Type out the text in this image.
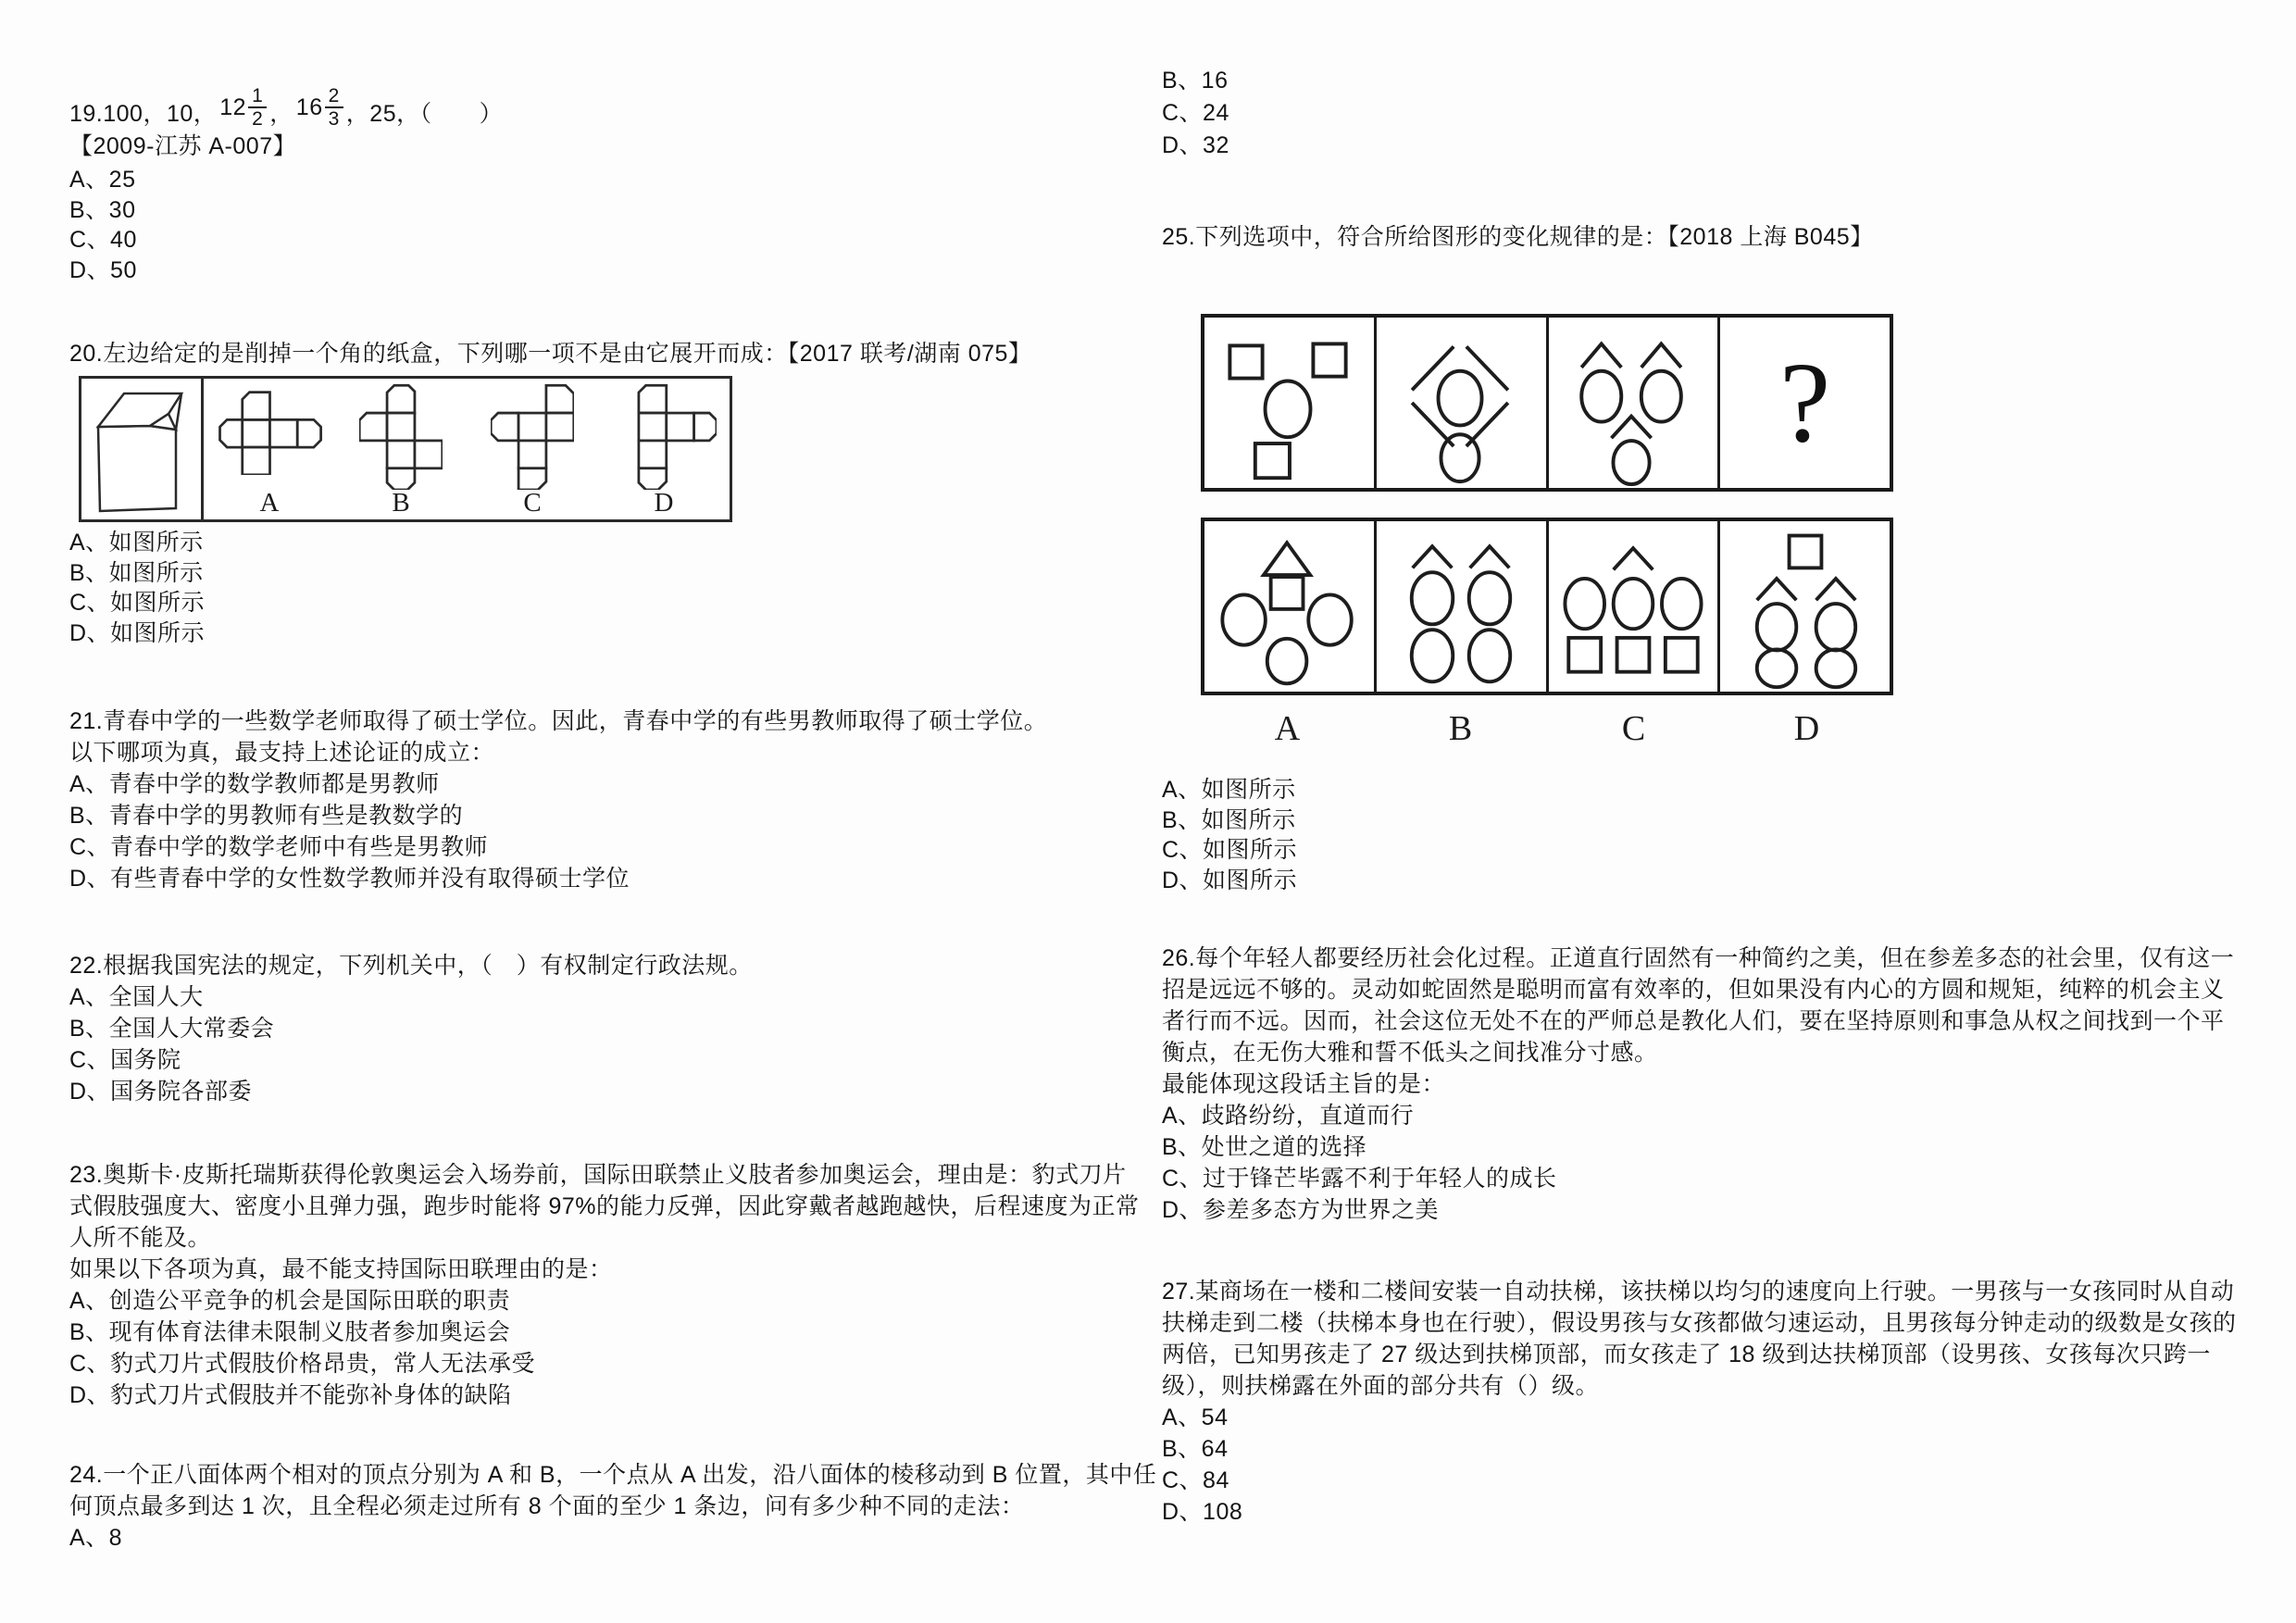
19.100，10， $12 \frac{1}{2}$ ， $16 \frac{2}{3}$ ，25，（　　）
【2009-江苏 A-007】
A、25
B、30
C、40
D、50
20.左边给定的是削掉一个角的纸盒，下列哪一项不是由它展开而成：【2017 联考/湖南 075】
A	B	C	D
A、如图所示
B、如图所示
C、如图所示
D、如图所示
21.青春中学的一些数学老师取得了硕士学位。因此，青春中学的有些男教师取得了硕士学位。
以下哪项为真，最支持上述论证的成立：
A、青春中学的数学教师都是男教师
B、青春中学的男教师有些是教数学的
C、青春中学的数学老师中有些是男教师
D、有些青春中学的女性数学教师并没有取得硕士学位
22.根据我国宪法的规定，下列机关中，（　）有权制定行政法规。
A、全国人大
B、全国人大常委会
C、国务院
D、国务院各部委
23.奥斯卡·皮斯托瑞斯获得伦敦奥运会入场券前，国际田联禁止义肢者参加奥运会，理由是：豹式刀片
式假肢强度大、密度小且弹力强，跑步时能将 97%的能力反弹，因此穿戴者越跑越快，后程速度为正常
人所不能及。
如果以下各项为真，最不能支持国际田联理由的是：
A、创造公平竞争的机会是国际田联的职责
B、现有体育法律未限制义肢者参加奥运会
C、豹式刀片式假肢价格昂贵，常人无法承受
D、豹式刀片式假肢并不能弥补身体的缺陷
24.一个正八面体两个相对的顶点分别为 A 和 B，一个点从 A 出发，沿八面体的棱移动到 B 位置，其中任
何顶点最多到达 1 次，且全程必须走过所有 8 个面的至少 1 条边，问有多少种不同的走法：
A、8
B、16
C、24
D、32
25.下列选项中，符合所给图形的变化规律的是：【2018 上海 B045】
?
A	B	C	D
A、如图所示
B、如图所示
C、如图所示
D、如图所示
26.每个年轻人都要经历社会化过程。正道直行固然有一种简约之美，但在参差多态的社会里，仅有这一
招是远远不够的。灵动如蛇固然是聪明而富有效率的，但如果没有内心的方圆和规矩，纯粹的机会主义
者行而不远。因而，社会这位无处不在的严师总是教化人们，要在坚持原则和事急从权之间找到一个平
衡点，在无伤大雅和誓不低头之间找准分寸感。
最能体现这段话主旨的是：
A、歧路纷纷，直道而行
B、处世之道的选择
C、过于锋芒毕露不利于年轻人的成长
D、参差多态方为世界之美
27.某商场在一楼和二楼间安装一自动扶梯，该扶梯以均匀的速度向上行驶。一男孩与一女孩同时从自动
扶梯走到二楼（扶梯本身也在行驶），假设男孩与女孩都做匀速运动，且男孩每分钟走动的级数是女孩的
两倍，已知男孩走了 27 级达到扶梯顶部，而女孩走了 18 级到达扶梯顶部（设男孩、女孩每次只跨一
级），则扶梯露在外面的部分共有（）级。
A、54
B、64
C、84
D、108
